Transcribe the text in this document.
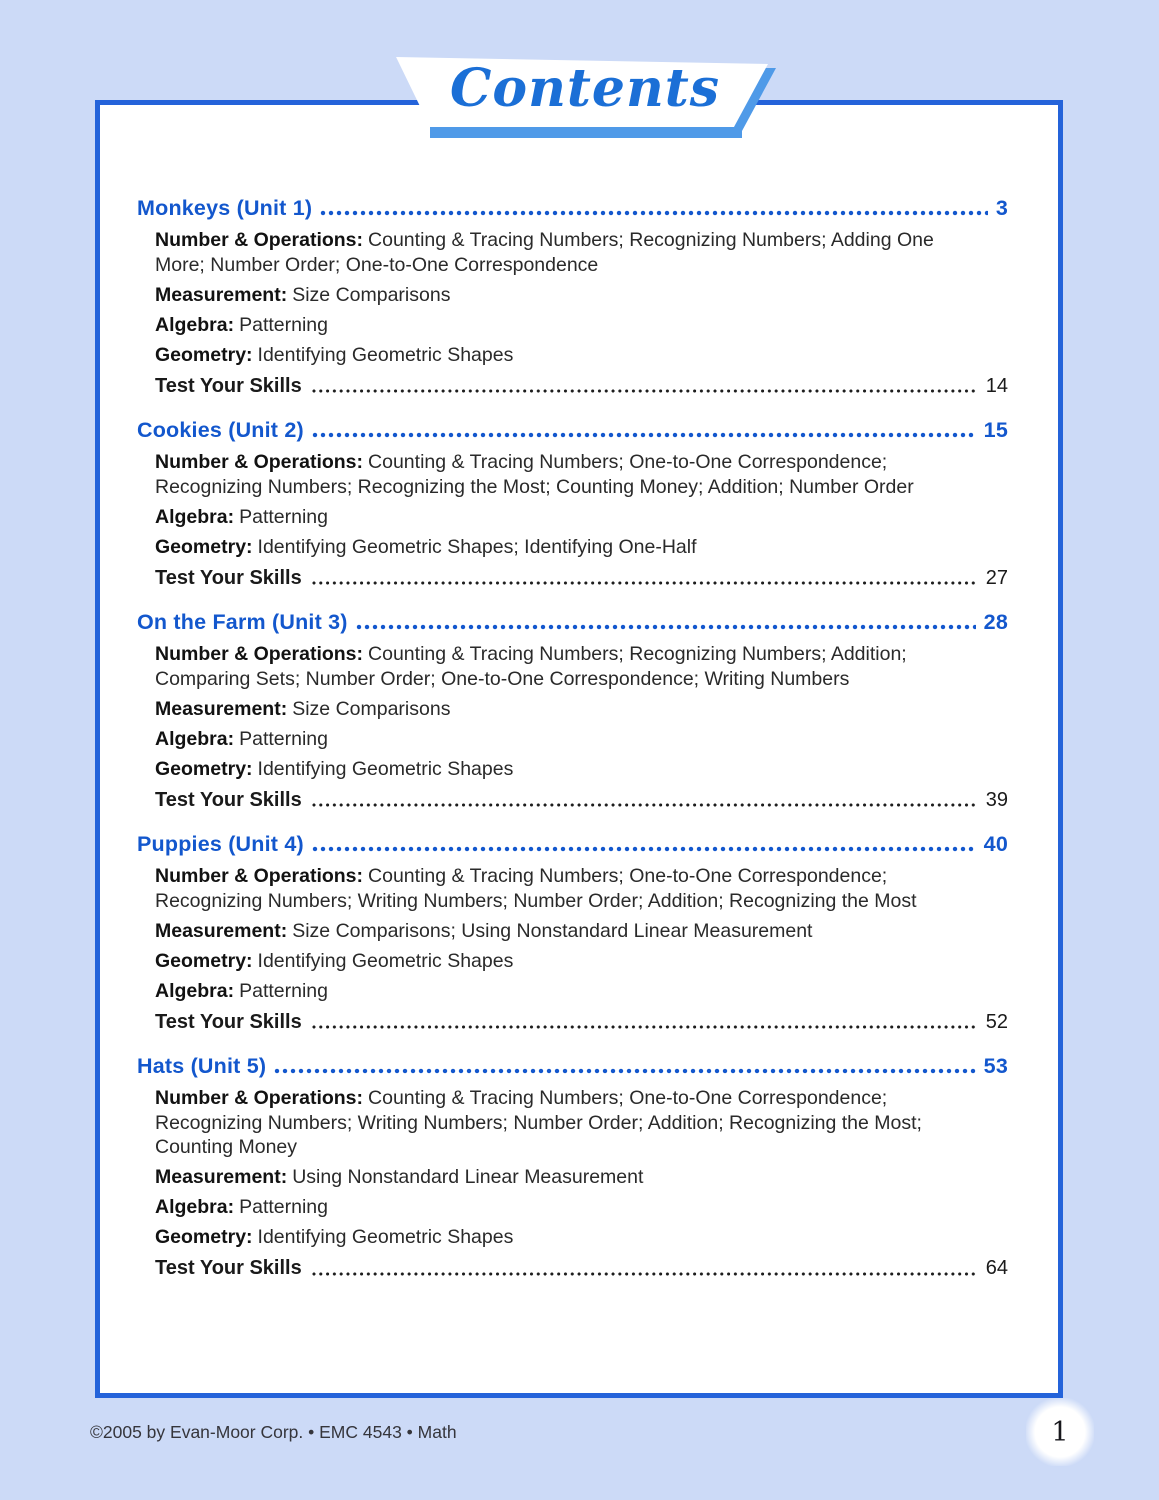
Contents
Monkeys (Unit 1)	3
Number & Operations: Counting & Tracing Numbers; Recognizing Numbers; Adding One More; Number Order; One-to-One Correspondence
Measurement: Size Comparisons
Algebra: Patterning
Geometry: Identifying Geometric Shapes
Test Your Skills	14
Cookies (Unit 2)	15
Number & Operations: Counting & Tracing Numbers; One-to-One Correspondence; Recognizing Numbers; Recognizing the Most; Counting Money; Addition; Number Order
Algebra: Patterning
Geometry: Identifying Geometric Shapes; Identifying One-Half
Test Your Skills	27
On the Farm (Unit 3)	28
Number & Operations: Counting & Tracing Numbers; Recognizing Numbers; Addition; Comparing Sets; Number Order; One-to-One Correspondence; Writing Numbers
Measurement: Size Comparisons
Algebra: Patterning
Geometry: Identifying Geometric Shapes
Test Your Skills	39
Puppies (Unit 4)	40
Number & Operations: Counting & Tracing Numbers; One-to-One Correspondence; Recognizing Numbers; Writing Numbers; Number Order; Addition; Recognizing the Most
Measurement: Size Comparisons; Using Nonstandard Linear Measurement
Geometry: Identifying Geometric Shapes
Algebra: Patterning
Test Your Skills	52
Hats (Unit 5)	53
Number & Operations: Counting & Tracing Numbers; One-to-One Correspondence; Recognizing Numbers; Writing Numbers; Number Order; Addition; Recognizing the Most; Counting Money
Measurement: Using Nonstandard Linear Measurement
Algebra: Patterning
Geometry: Identifying Geometric Shapes
Test Your Skills	64
©2005 by Evan-Moor Corp. • EMC 4543 • Math	1
